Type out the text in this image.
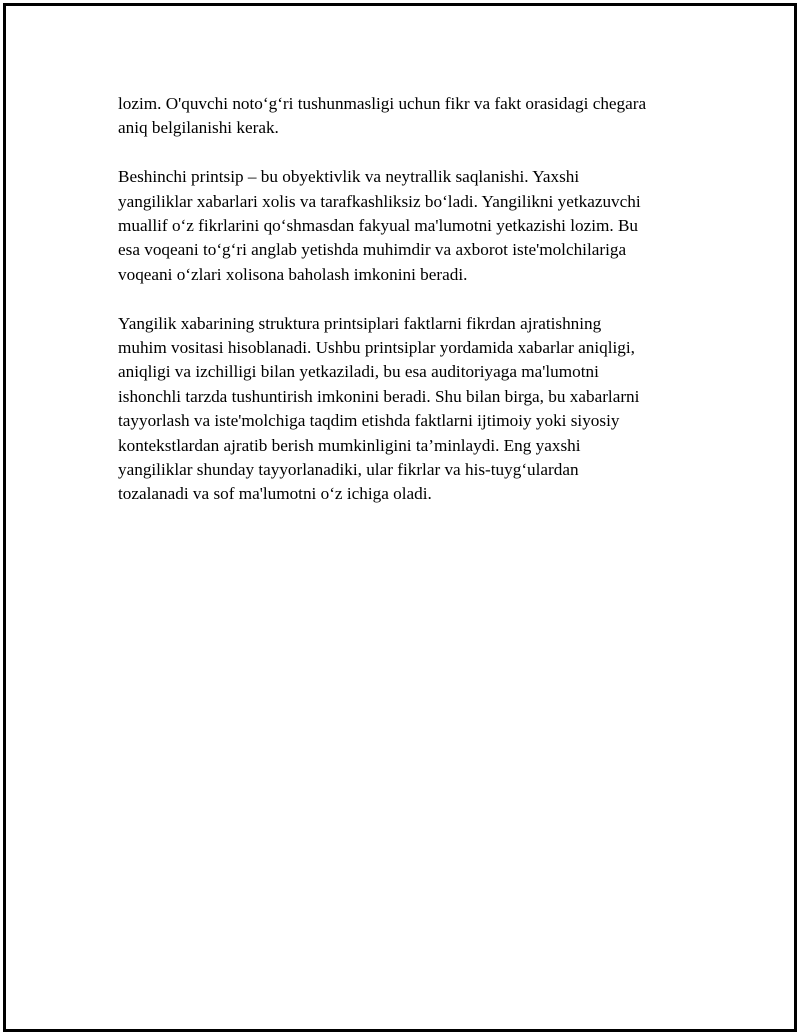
lozim. O'quvchi noto‘g‘ri tushunmasligi uchun fikr va fakt orasidagi chegara
aniq belgilanishi kerak.

Beshinchi printsip – bu obyektivlik va neytrallik saqlanishi. Yaxshi
yangiliklar xabarlari xolis va tarafkashliksiz bo‘ladi. Yangilikni yetkazuvchi
muallif o‘z fikrlarini qo‘shmasdan fakyual ma'lumotni yetkazishi lozim. Bu
esa voqeani to‘g‘ri anglab yetishda muhimdir va axborot iste'molchilariga
voqeani o‘zlari xolisona baholash imkonini beradi.

Yangilik xabarining struktura printsiplari faktlarni fikrdan ajratishning
muhim vositasi hisoblanadi. Ushbu printsiplar yordamida xabarlar aniqligi,
aniqligi va izchilligi bilan yetkaziladi, bu esa auditoriyaga ma'lumotni
ishonchli tarzda tushuntirish imkonini beradi. Shu bilan birga, bu xabarlarni
tayyorlash va iste'molchiga taqdim etishda faktlarni ijtimoiy yoki siyosiy
kontekstlardan ajratib berish mumkinligini ta’minlaydi. Eng yaxshi
yangiliklar shunday tayyorlanadiki, ular fikrlar va his-tuyg‘ulardan
tozalanadi va sof ma'lumotni o‘z ichiga oladi.
